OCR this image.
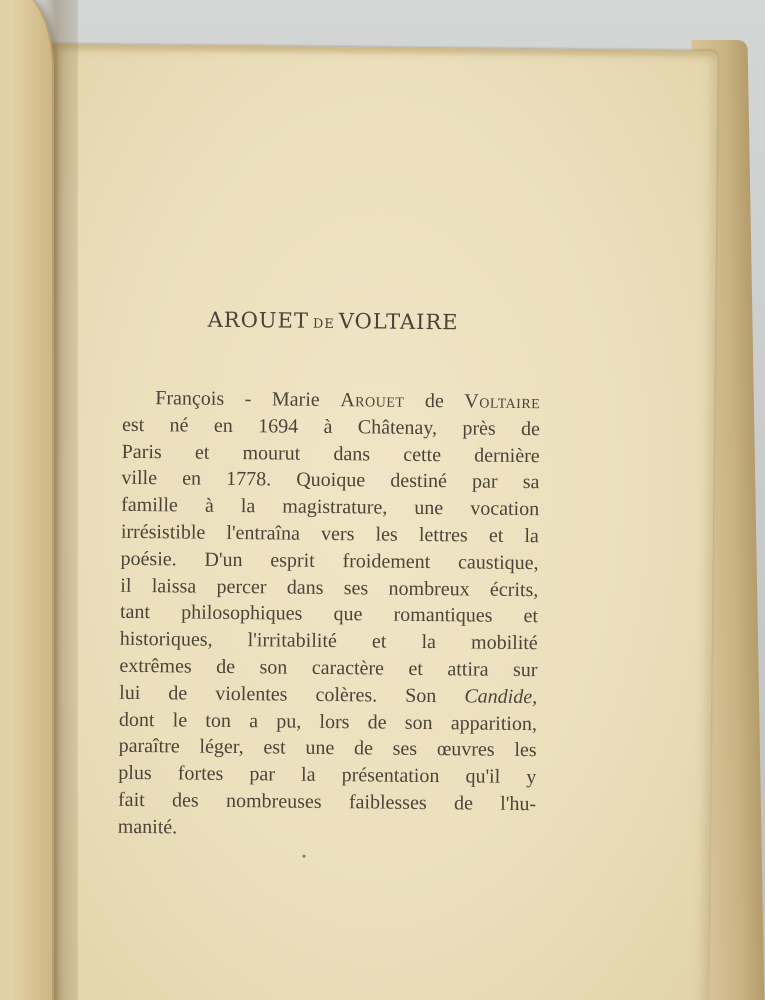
AROUET DE VOLTAIRE

François - Marie Arouet de Voltaire
est né en 1694 à Châtenay, près de
Paris et mourut dans cette dernière
ville en 1778. Quoique destiné par sa
famille à la magistrature, une vocation
irrésistible l'entraîna vers les lettres et la
poésie. D'un esprit froidement caustique,
il laissa percer dans ses nombreux écrits,
tant philosophiques que romantiques et
historiques, l'irritabilité et la mobilité
extrêmes de son caractère et attira sur
lui de violentes colères. Son Candide,
dont le ton a pu, lors de son apparition,
paraître léger, est une de ses œuvres les
plus fortes par la présentation qu'il y
fait des nombreuses faiblesses de l'hu-
manité.
